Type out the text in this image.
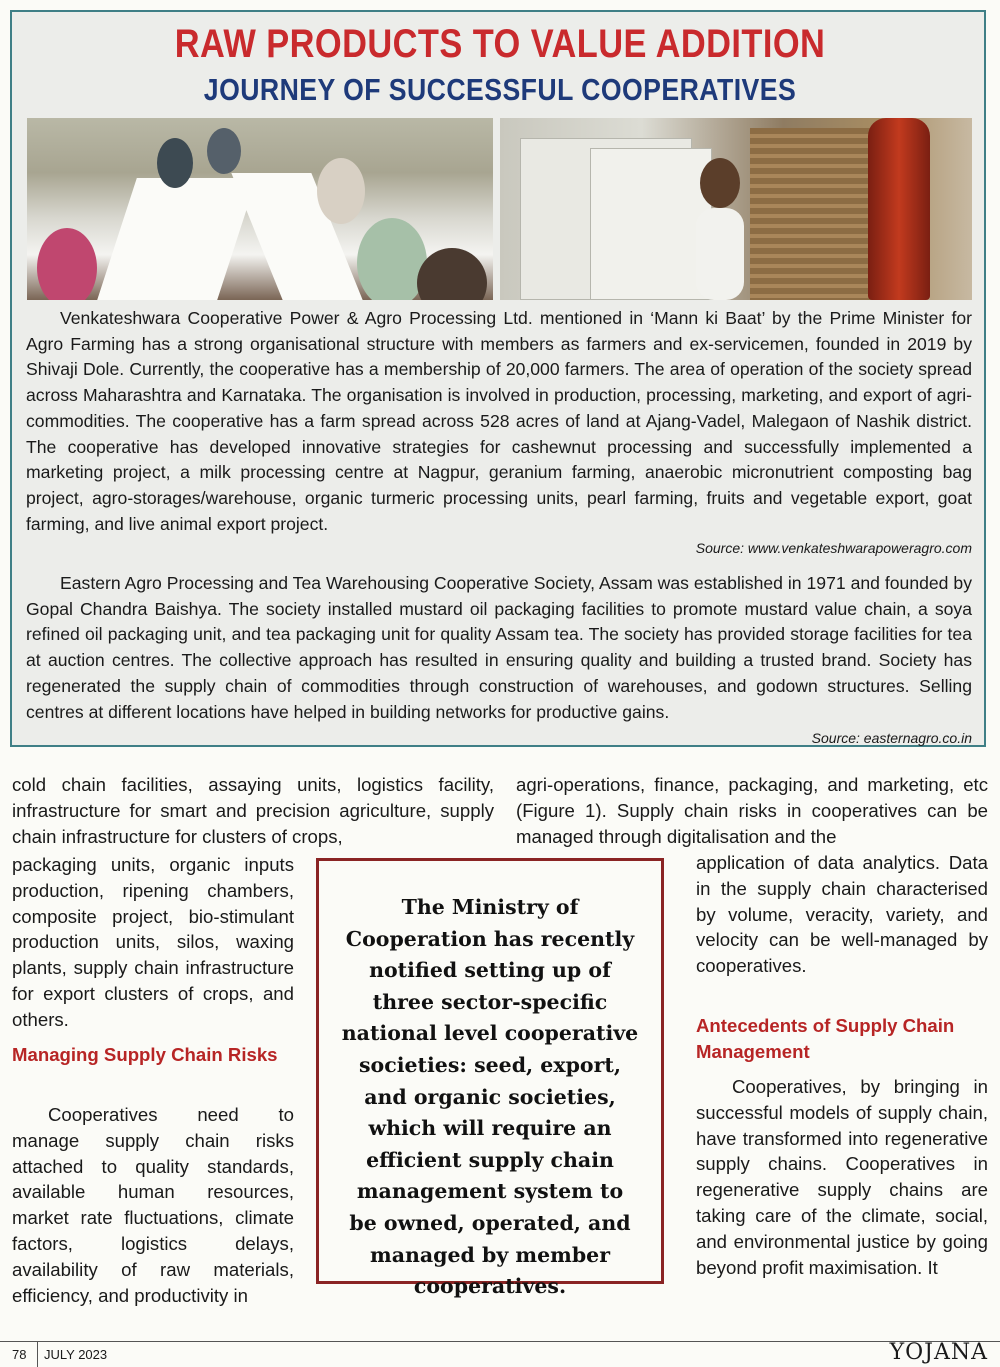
RAW PRODUCTS TO VALUE ADDITION
JOURNEY OF SUCCESSFUL COOPERATIVES
Venkateshwara Cooperative Power & Agro Processing Ltd. mentioned in ‘Mann ki Baat’ by the Prime Minister for Agro Farming has a strong organisational structure with members as farmers and ex-servicemen, founded in 2019 by Shivaji Dole. Currently, the cooperative has a membership of 20,000 farmers. The area of operation of the society spread across Maharashtra and Karnataka. The organisation is involved in production, processing, marketing, and export of agri-commodities. The cooperative has a farm spread across 528 acres of land at Ajang-Vadel, Malegaon of Nashik district. The cooperative has developed innovative strategies for cashewnut processing and successfully implemented a marketing project, a milk processing centre at Nagpur, geranium farming, anaerobic micronutrient composting bag project, agro-storages/warehouse, organic turmeric processing units, pearl farming, fruits and vegetable export, goat farming, and live animal export project.
Source: www.venkateshwarapoweragro.com
Eastern Agro Processing and Tea Warehousing Cooperative Society, Assam was established in 1971 and founded by Gopal Chandra Baishya. The society installed mustard oil packaging facilities to promote mustard value chain, a soya refined oil packaging unit, and tea packaging unit for quality Assam tea. The society has provided storage facilities for tea at auction centres. The collective approach has resulted in ensuring quality and building a trusted brand. Society has regenerated the supply chain of commodities through construction of warehouses, and godown structures. Selling centres at different locations have helped in building networks for productive gains.
Source: easternagro.co.in
cold chain facilities, assaying units, logistics facility, infrastructure for smart and precision agriculture, supply chain infrastructure for clusters of crops,
packaging units, organic inputs production, ripening chambers, composite project, bio-stimulant production units, silos, waxing plants, supply chain infrastructure for export clusters of crops, and others.
Managing Supply Chain Risks
Cooperatives need to manage supply chain risks attached to quality standards, available human resources, market rate fluctuations, climate factors, logistics delays, availability of raw materials, efficiency, and productivity in
agri-operations, finance, packaging, and marketing, etc (Figure 1). Supply chain risks in cooperatives can be managed through digitalisation and the
application of data analytics. Data in the supply chain characterised by volume, veracity, variety, and velocity can be well-managed by cooperatives.
Antecedents of Supply Chain Management
Cooperatives, by bringing in successful models of supply chain, have transformed into regenerative supply chains. Cooperatives in regenerative supply chains are taking care of the climate, social, and environmental justice by going beyond profit maximisation. It
The Ministry of Cooperation has recently notified setting up of three sector-specific national level cooperative societies: seed, export, and organic societies, which will require an efficient supply chain management system to be owned, operated, and managed by member cooperatives.
78 JULY 2023	YOJANA
